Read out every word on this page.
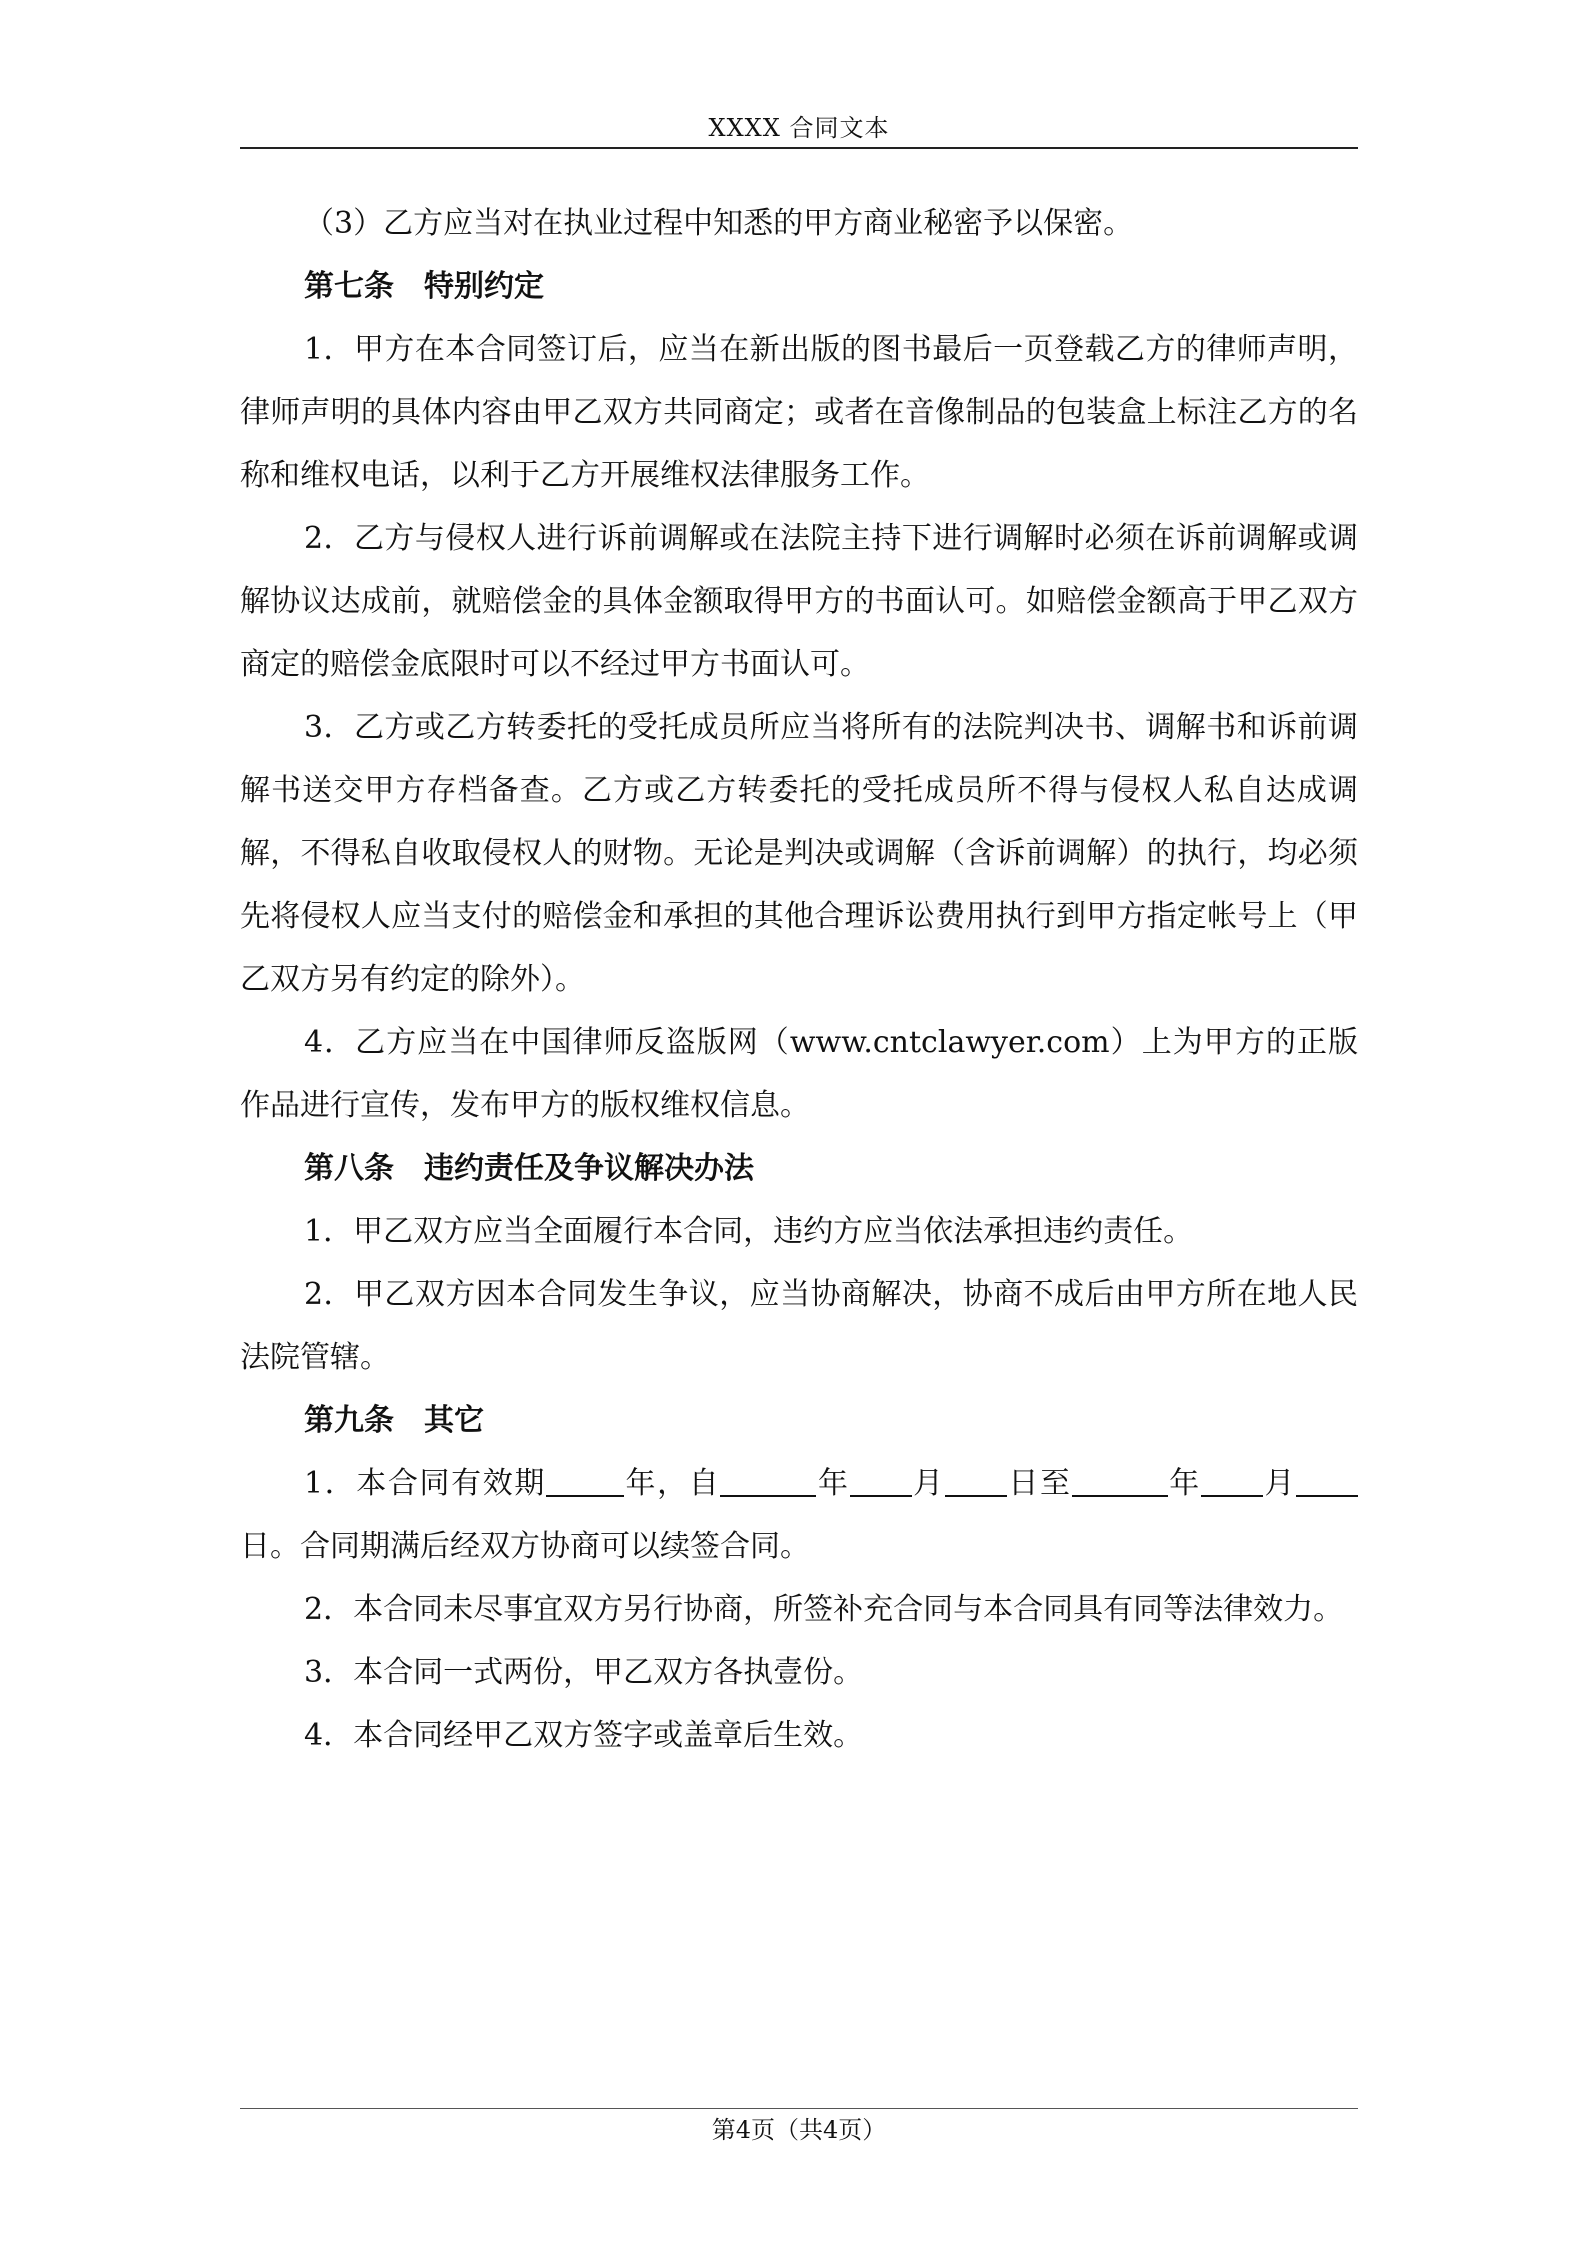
XXXX 合同文本

（3）乙方应当对在执业过程中知悉的甲方商业秘密予以保密。

第七条　特别约定

1．甲方在本合同签订后，应当在新出版的图书最后一页登载乙方的律师声明，律师声明的具体内容由甲乙双方共同商定；或者在音像制品的包装盒上标注乙方的名称和维权电话，以利于乙方开展维权法律服务工作。

2．乙方与侵权人进行诉前调解或在法院主持下进行调解时必须在诉前调解或调解协议达成前，就赔偿金的具体金额取得甲方的书面认可。如赔偿金额高于甲乙双方商定的赔偿金底限时可以不经过甲方书面认可。

3．乙方或乙方转委托的受托成员所应当将所有的法院判决书、调解书和诉前调解书送交甲方存档备查。乙方或乙方转委托的受托成员所不得与侵权人私自达成调解，不得私自收取侵权人的财物。无论是判决或调解（含诉前调解）的执行，均必须先将侵权人应当支付的赔偿金和承担的其他合理诉讼费用执行到甲方指定帐号上（甲乙双方另有约定的除外）。

4．乙方应当在中国律师反盗版网（www.cntclawyer.com）上为甲方的正版作品进行宣传，发布甲方的版权维权信息。

第八条　违约责任及争议解决办法

1．甲乙双方应当全面履行本合同，违约方应当依法承担违约责任。

2．甲乙双方因本合同发生争议，应当协商解决，协商不成后由甲方所在地人民法院管辖。

第九条　其它

1．本合同有效期	年，自	年 月 日至	年 月日。合同期满后经双方协商可以续签合同。

2．本合同未尽事宜双方另行协商，所签补充合同与本合同具有同等法律效力。

3．本合同一式两份，甲乙双方各执壹份。

4．本合同经甲乙双方签字或盖章后生效。

第4页（共4页）
